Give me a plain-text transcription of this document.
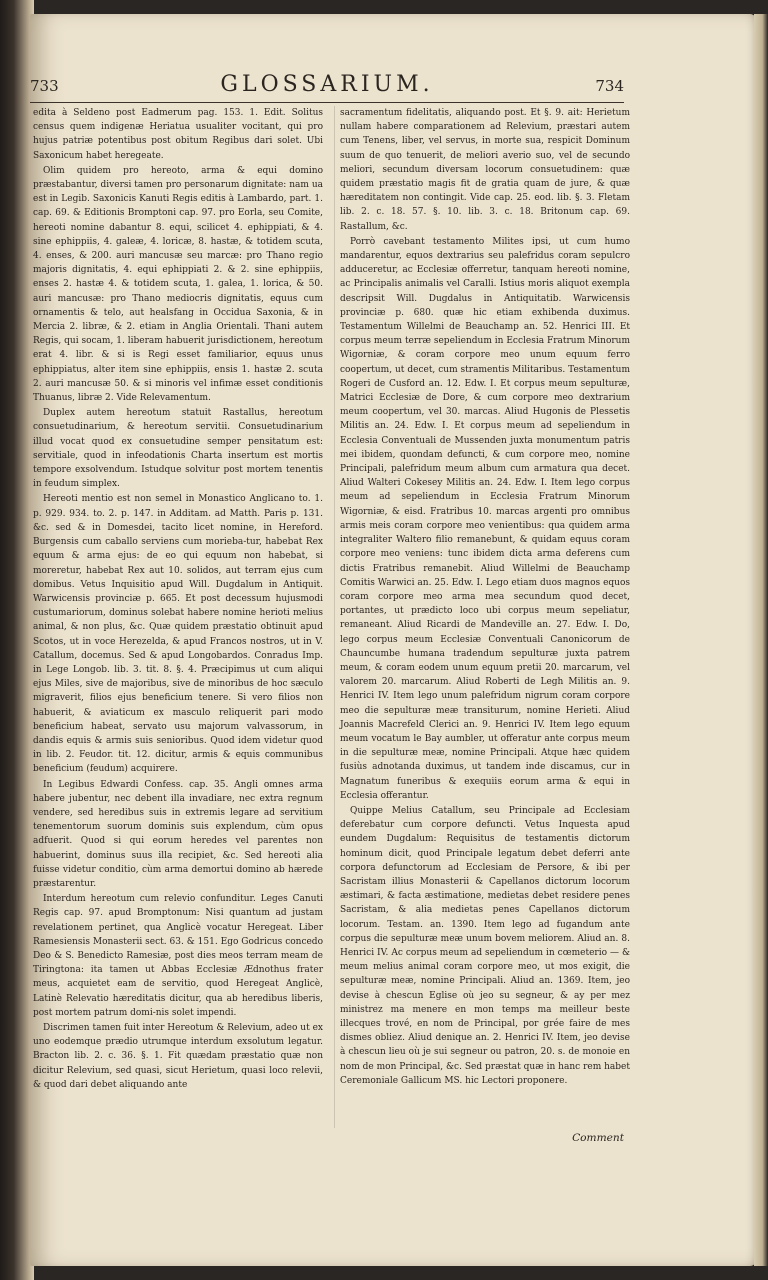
733	GLOSSARIUM.	734

edita à Seldeno post Eadmerum pag. 153. 1. Edit. Solitus census quem indigenæ Heriatua usualiter vocitant, qui pro hujus patriæ potentibus post obitum Regibus dari solet. Ubi Saxonicum habet heregeate.

Olim quidem pro hereoto, arma & equi domino præstabantur, diversi tamen pro personarum dignitate: nam ua est in Legib. Saxonicis Kanuti Regis editis à Lambardo, part. 1. cap. 69. & Editionis Bromptoni cap. 97. pro Eorla, seu Comite, hereoti nomine dabantur 8. equi, scilicet 4. ephippiati, & 4. sine ephippiis, 4. galeæ, 4. loricæ, 8. hastæ, & totidem scuta, 4. enses, & 200. auri mancusæ seu marcæ: pro Thano regio majoris dignitatis, 4. equi ephippiati 2. & 2. sine ephippiis, enses 2. hastæ 4. & totidem scuta, 1. galea, 1. lorica, & 50. auri mancusæ: pro Thano mediocris dignitatis, equus cum ornamentis & telo, aut healsfang in Occidua Saxonia, & in Mercia 2. libræ, & 2. etiam in Anglia Orientali. Thani autem Regis, qui socam, 1. liberam habuerit jurisdictionem, hereotum erat 4. libr. & si is Regi esset familiarior, equus unus ephippiatus, alter item sine ephippiis, ensis 1. hastæ 2. scuta 2. auri mancusæ 50. & si minoris vel infimæ esset conditionis Thuanus, libræ 2. Vide Relevamentum.

Duplex autem hereotum statuit Rastallus, hereotum consuetudinarium, & hereotum servitii. Consuetudinarium illud vocat quod ex consuetudine semper pensitatum est: servitiale, quod in infeodationis Charta insertum est mortis tempore exsolvendum. Istudque solvitur post mortem tenentis in feudum simplex.

Hereoti mentio est non semel in Monastico Anglicano to. 1. p. 929. 934. to. 2. p. 147. in Additam. ad Matth. Paris p. 131. &c. sed & in Domesdei, tacito licet nomine, in Hereford. Burgensis cum caballo serviens cum morieba-tur, habebat Rex equum & arma ejus: de eo qui equum non habebat, si moreretur, habebat Rex aut 10. solidos, aut terram ejus cum domibus. Vetus Inquisitio apud Will. Dugdalum in Antiquit. Warwicensis provinciæ p. 665. Et post decessum hujusmodi custumariorum, dominus solebat habere nomine herioti melius animal, & non plus, &c. Quæ quidem præstatio obtinuit apud Scotos, ut in voce Herezelda, & apud Francos nostros, ut in V. Catallum, docemus. Sed & apud Longobardos. Conradus Imp. in Lege Longob. lib. 3. tit. 8. §. 4. Præcipimus ut cum aliqui ejus Miles, sive de majoribus, sive de minoribus de hoc sæculo migraverit, filios ejus beneficium tenere. Si vero filios non habuerit, & aviaticum ex masculo reliquerit pari modo beneficium habeat, servato usu majorum valvassorum, in dandis equis & armis suis senioribus. Quod idem videtur quod in lib. 2. Feudor. tit. 12. dicitur, armis & equis communibus beneficium (feudum) acquirere.

In Legibus Edwardi Confess. cap. 35. Angli omnes arma habere jubentur, nec debent illa invadiare, nec extra regnum vendere, sed heredibus suis in extremis legare ad servitium tenementorum suorum dominis suis explendum, cùm opus adfuerit. Quod si qui eorum heredes vel parentes non habuerint, dominus suus illa recipiet, &c. Sed hereoti alia fuisse videtur conditio, cùm arma demortui domino ab hærede præstarentur.

Interdum hereotum cum relevio confunditur. Leges Canuti Regis cap. 97. apud Bromptonum: Nisi quantum ad justam revelationem pertinet, qua Anglicè vocatur Heregeat. Liber Ramesiensis Monasterii sect. 63. & 151. Ego Godricus concedo Deo & S. Benedicto Ramesiæ, post dies meos terram meam de Tiringtona: ita tamen ut Abbas Ecclesiæ Ædnothus frater meus, acquietet eam de servitio, quod Heregeat Anglicè, Latinè Relevatio hæreditatis dicitur, qua ab heredibus liberis, post mortem patrum domi-nis solet impendi.

Discrimen tamen fuit inter Hereotum & Relevium, adeo ut ex uno eodemque prædio utrumque interdum exsolutum legatur. Bracton lib. 2. c. 36. §. 1. Fit quædam præstatio quæ non dicitur Relevium, sed quasi, sicut Herietum, quasi loco relevii, & quod dari debet aliquando ante

sacramentum fidelitatis, aliquando post. Et §. 9. ait: Herietum nullam habere comparationem ad Relevium, præstari autem cum Tenens, liber, vel servus, in morte sua, respicit Dominum suum de quo tenuerit, de meliori averio suo, vel de secundo meliori, secundum diversam locorum consuetudinem: quæ quidem præstatio magis fit de gratia quam de jure, & quæ hæreditatem non contingit. Vide cap. 25. eod. lib. §. 3. Fletam lib. 2. c. 18. 57. §. 10. lib. 3. c. 18. Britonum cap. 69. Rastallum, &c.

Porrò cavebant testamento Milites ipsi, ut cum humo mandarentur, equos dextrarius seu palefridus coram sepulcro adduceretur, ac Ecclesiæ offerretur, tanquam hereoti nomine, ac Principalis animalis vel Caralli. Istius moris aliquot exempla descripsit Will. Dugdalus in Antiquitatib. Warwicensis provinciæ p. 680. quæ hic etiam exhibenda duximus. Testamentum Willelmi de Beauchamp an. 52. Henrici III. Et corpus meum terræ sepeliendum in Ecclesia Fratrum Minorum Wigorniæ, & coram corpore meo unum equum ferro coopertum, ut decet, cum stramentis Militaribus. Testamentum Rogeri de Cusford an. 12. Edw. I. Et corpus meum sepulturæ, Matrici Ecclesiæ de Dore, & cum corpore meo dextrarium meum coopertum, vel 30. marcas. Aliud Hugonis de Plessetis Militis an. 24. Edw. I. Et corpus meum ad sepeliendum in Ecclesia Conventuali de Mussenden juxta monumentum patris mei ibidem, quondam defuncti, & cum corpore meo, nomine Principali, palefridum meum album cum armatura qua decet. Aliud Walteri Cokesey Militis an. 24. Edw. I. Item lego corpus meum ad sepeliendum in Ecclesia Fratrum Minorum Wigorniæ, & eisd. Fratribus 10. marcas argenti pro omnibus armis meis coram corpore meo venientibus: qua quidem arma integraliter Waltero filio remanebunt, & quidam equus coram corpore meo veniens: tunc ibidem dicta arma deferens cum dictis Fratribus remanebit. Aliud Willelmi de Beauchamp Comitis Warwici an. 25. Edw. I. Lego etiam duos magnos equos coram corpore meo arma mea secundum quod decet, portantes, ut prædicto loco ubi corpus meum sepeliatur, remaneant. Aliud Ricardi de Mandeville an. 27. Edw. I. Do, lego corpus meum Ecclesiæ Conventuali Canonicorum de Chauncumbe humana tradendum sepulturæ juxta patrem meum, & coram eodem unum equum pretii 20. marcarum, vel valorem 20. marcarum. Aliud Roberti de Legh Militis an. 9. Henrici IV. Item lego unum palefridum nigrum coram corpore meo die sepulturæ meæ transiturum, nomine Herieti. Aliud Joannis Macrefeld Clerici an. 9. Henrici IV. Item lego equum meum vocatum le Bay aumbler, ut offeratur ante corpus meum in die sepulturæ meæ, nomine Principali. Atque hæc quidem fusiùs adnotanda duximus, ut tandem inde discamus, cur in Magnatum funeribus & exequiis eorum arma & equi in Ecclesia offerantur.

Quippe Melius Catallum, seu Principale ad Ecclesiam deferebatur cum corpore defuncti. Vetus Inquesta apud eundem Dugdalum: Requisitus de testamentis dictorum hominum dicit, quod Principale legatum debet deferri ante corpora defunctorum ad Ecclesiam de Persore, & ibi per Sacristam illius Monasterii & Capellanos dictorum locorum æstimari, & facta æstimatione, medietas debet residere penes Sacristam, & alia medietas penes Capellanos dictorum locorum. Testam. an. 1390. Item lego ad fugandum ante corpus die sepulturæ meæ unum bovem meliorem. Aliud an. 8. Henrici IV. Ac corpus meum ad sepeliendum in cœmeterio — & meum melius animal coram corpore meo, ut mos exigit, die sepulturæ meæ, nomine Principali. Aliud an. 1369. Item, jeo devise à chescun Eglise où jeo su segneur, & ay per mez ministrez ma menere en mon temps ma meilleur beste illecques trové, en nom de Principal, por grée faire de mes dismes obliez. Aliud denique an. 2. Henrici IV. Item, jeo devise à chescun lieu où je sui segneur ou patron, 20. s. de monoie en nom de mon Principal, &c. Sed præstat quæ in hanc rem habet Ceremoniale Gallicum MS. hic Lectori proponere.

Comment
